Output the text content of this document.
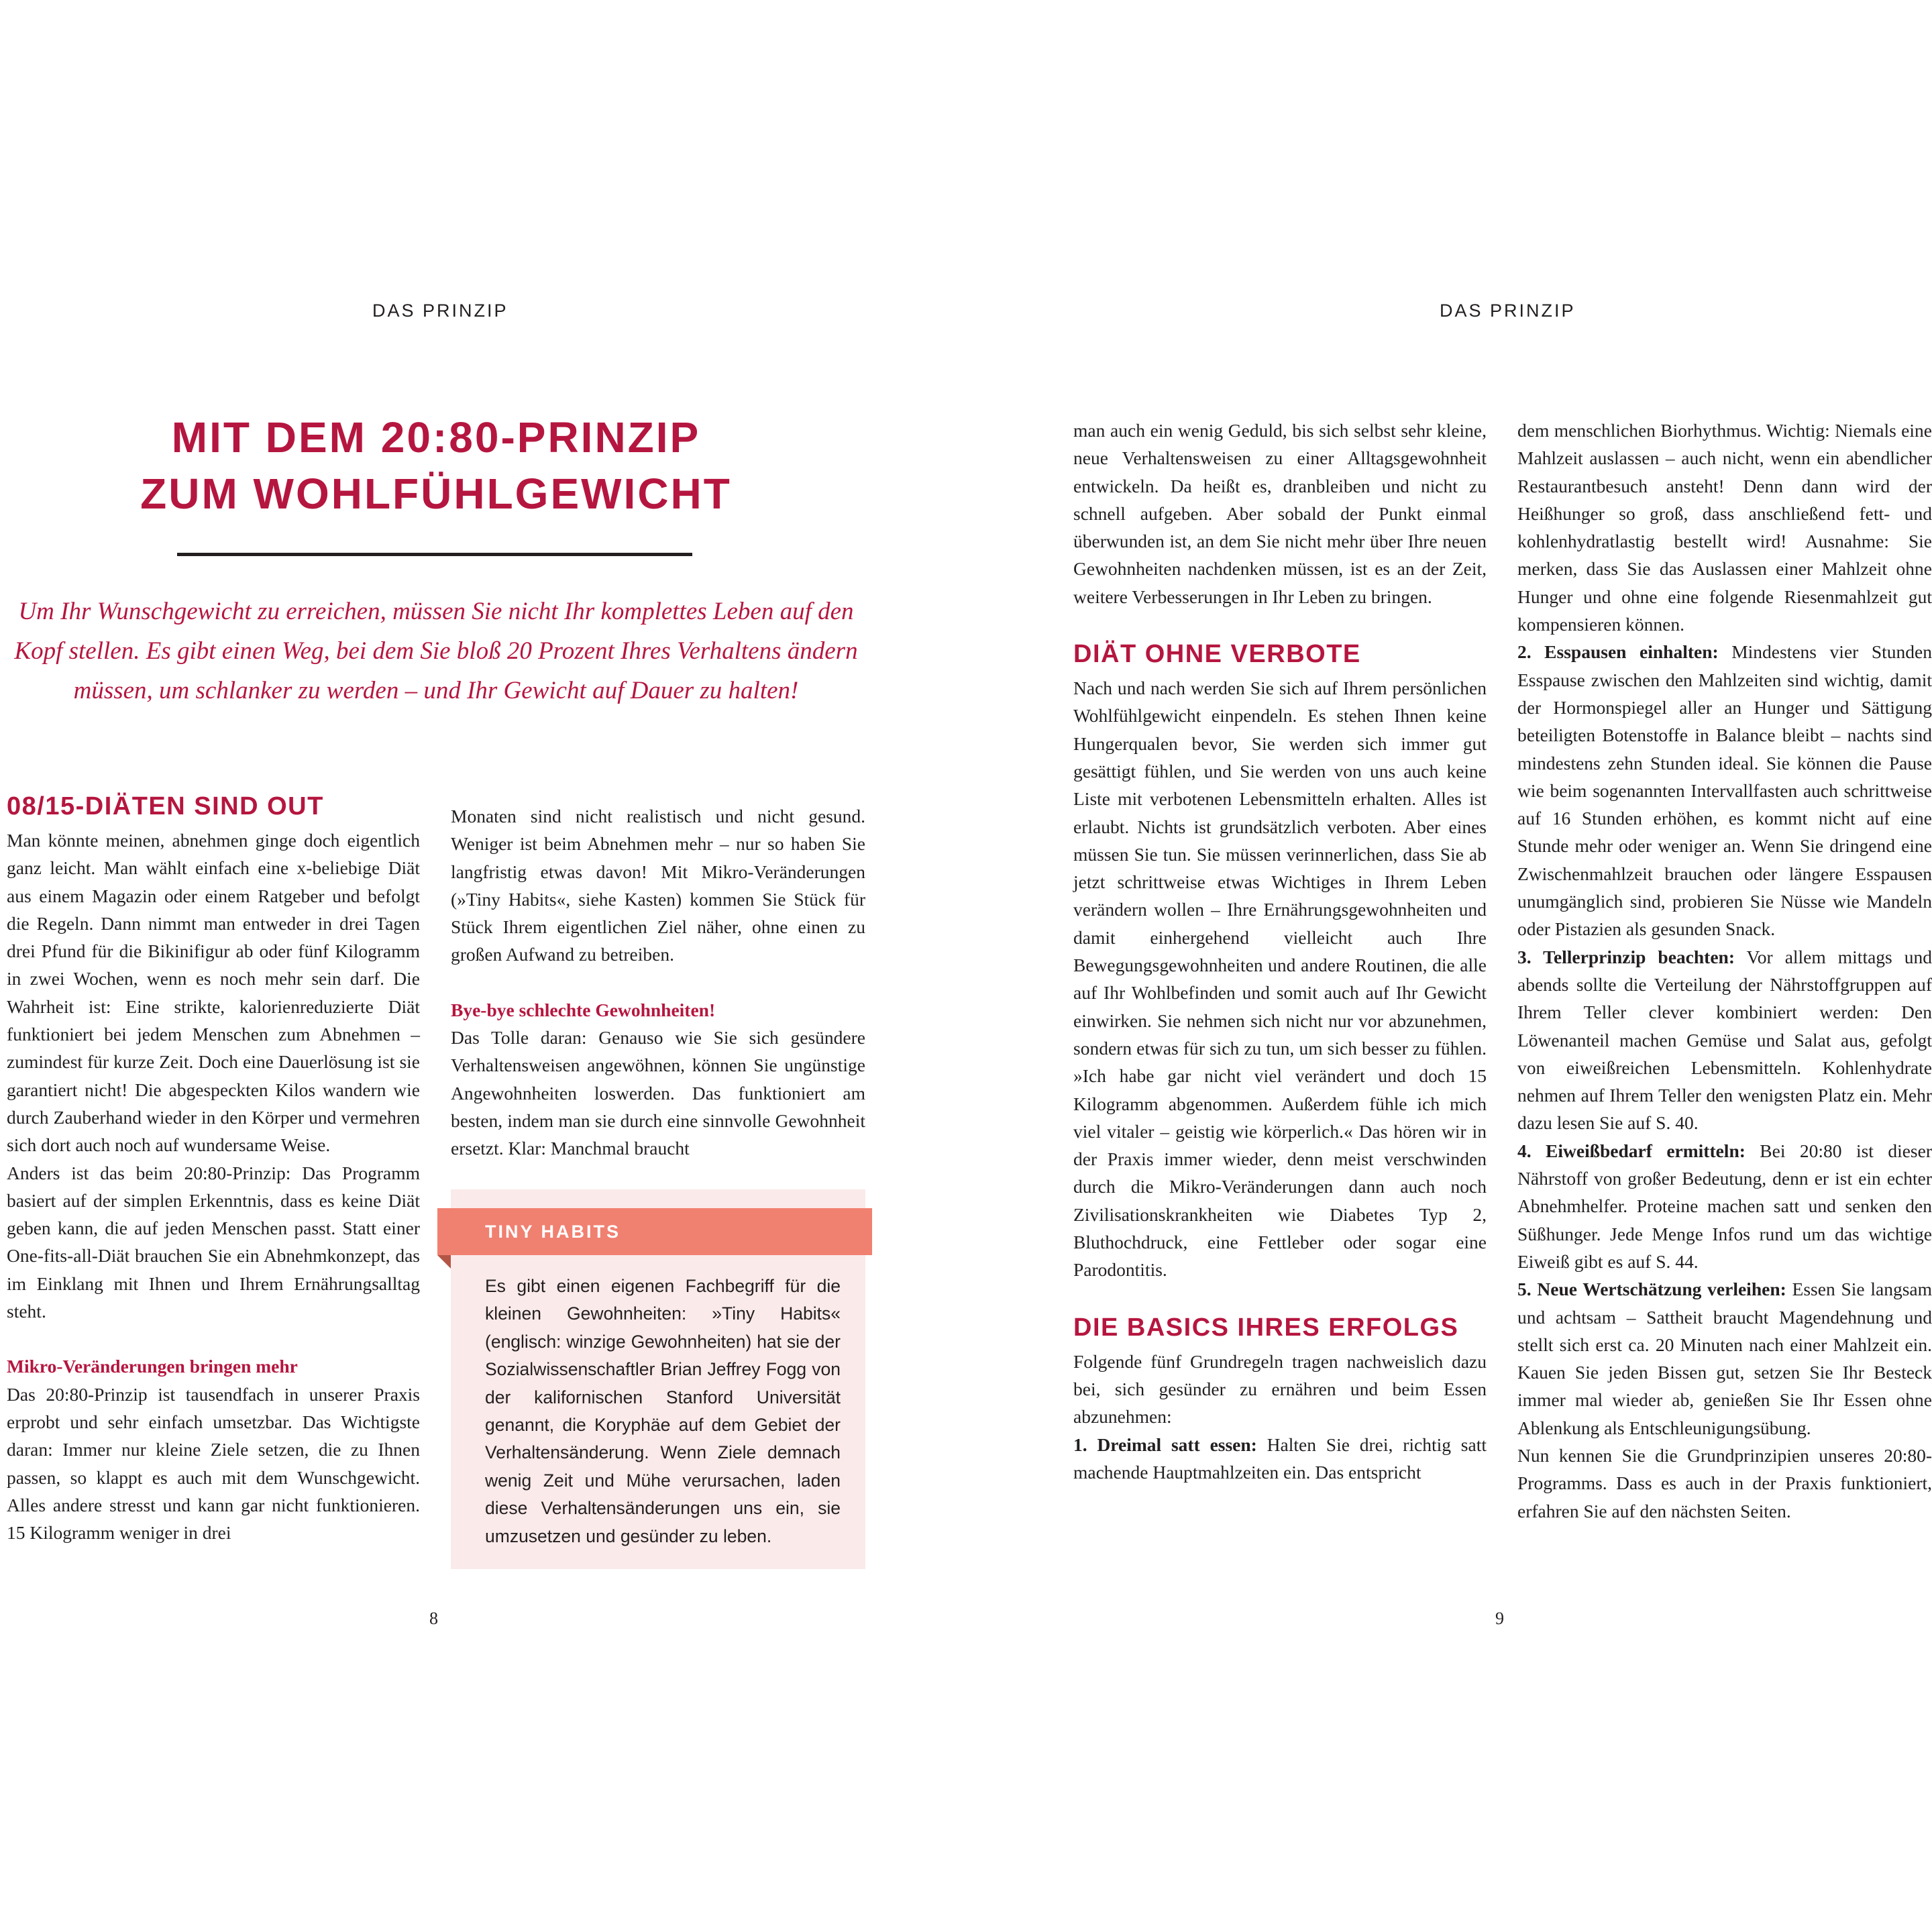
DAS PRINZIP
8
MIT DEM 20:80-PRINZIP
ZUM WOHLFÜHLGEWICHT

Um Ihr Wunschgewicht zu erreichen, müssen Sie nicht Ihr komplettes Leben auf den Kopf stellen. Es gibt einen Weg, bei dem Sie bloß 20 Prozent Ihres Verhaltens ändern müssen, um schlanker zu werden – und Ihr Gewicht auf Dauer zu halten!

08/15-DIÄTEN SIND OUT

Man könnte meinen, abnehmen ginge doch eigentlich ganz leicht. Man wählt einfach eine x-beliebige Diät aus einem Magazin oder einem Ratgeber und befolgt die Regeln. Dann nimmt man entweder in drei Tagen drei Pfund für die Bikinifigur ab oder fünf Kilogramm in zwei Wochen, wenn es noch mehr sein darf. Die Wahrheit ist: Eine strikte, kalorienreduzierte Diät funktioniert bei jedem Menschen zum Abnehmen – zumindest für kurze Zeit. Doch eine Dauerlösung ist sie garantiert nicht! Die abgespeckten Kilos wandern wie durch Zauberhand wieder in den Körper und vermehren sich dort auch noch auf wundersame Weise.

Anders ist das beim 20:80-Prinzip: Das Programm basiert auf der simplen Erkenntnis, dass es keine Diät geben kann, die auf jeden Menschen passt. Statt einer One-fits-all-Diät brauchen Sie ein Abnehmkonzept, das im Einklang mit Ihnen und Ihrem Ernährungsalltag steht.

Mikro-Veränderungen bringen mehr

Das 20:80-Prinzip ist tausendfach in unserer Praxis erprobt und sehr einfach umsetzbar. Das Wichtigste daran: Immer nur kleine Ziele setzen, die zu Ihnen passen, so klappt es auch mit dem Wunschgewicht. Alles andere stresst und kann gar nicht funktionieren. 15 Kilogramm weniger in drei

Monaten sind nicht realistisch und nicht gesund. Weniger ist beim Abnehmen mehr – nur so haben Sie langfristig etwas davon! Mit Mikro-Veränderungen (»Tiny Habits«, siehe Kasten) kommen Sie Stück für Stück Ihrem eigentlichen Ziel näher, ohne einen zu großen Aufwand zu betreiben.

Bye-bye schlechte Gewohnheiten!

Das Tolle daran: Genauso wie Sie sich gesündere Verhaltensweisen angewöhnen, können Sie ungünstige Angewohnheiten loswerden. Das funktioniert am besten, indem man sie durch eine sinnvolle Gewohnheit ersetzt. Klar: Manchmal braucht

TINY HABITS

Es gibt einen eigenen Fachbegriff für die kleinen Gewohnheiten: »Tiny Habits« (englisch: winzige Gewohnheiten) hat sie der Sozialwissenschaftler Brian Jeffrey Fogg von der kalifornischen Stanford Universität genannt, die Koryphäe auf dem Gebiet der Verhaltensänderung. Wenn Ziele demnach wenig Zeit und Mühe verursachen, laden diese Verhaltensänderungen uns ein, sie umzusetzen und gesünder zu leben.

DAS PRINZIP
9

man auch ein wenig Geduld, bis sich selbst sehr kleine, neue Verhaltensweisen zu einer Alltagsgewohnheit entwickeln. Da heißt es, dranbleiben und nicht zu schnell aufgeben. Aber sobald der Punkt einmal überwunden ist, an dem Sie nicht mehr über Ihre neuen Gewohnheiten nachdenken müssen, ist es an der Zeit, weitere Verbesserungen in Ihr Leben zu bringen.

DIÄT OHNE VERBOTE

Nach und nach werden Sie sich auf Ihrem persönlichen Wohlfühlgewicht einpendeln. Es stehen Ihnen keine Hungerqualen bevor, Sie werden sich immer gut gesättigt fühlen, und Sie werden von uns auch keine Liste mit verbotenen Lebensmitteln erhalten. Alles ist erlaubt. Nichts ist grundsätzlich verboten. Aber eines müssen Sie tun. Sie müssen verinnerlichen, dass Sie ab jetzt schrittweise etwas Wichtiges in Ihrem Leben verändern wollen – Ihre Ernährungsgewohnheiten und damit einhergehend vielleicht auch Ihre Bewegungsgewohnheiten und andere Routinen, die alle auf Ihr Wohlbefinden und somit auch auf Ihr Gewicht einwirken. Sie nehmen sich nicht nur vor abzunehmen, sondern etwas für sich zu tun, um sich besser zu fühlen. »Ich habe gar nicht viel verändert und doch 15 Kilogramm abgenommen. Außerdem fühle ich mich viel vitaler – geistig wie körperlich.« Das hören wir in der Praxis immer wieder, denn meist verschwinden durch die Mikro-Veränderungen dann auch noch Zivilisationskrankheiten wie Diabetes Typ 2, Bluthochdruck, eine Fettleber oder sogar eine Parodontitis.

DIE BASICS IHRES ERFOLGS

Folgende fünf Grundregeln tragen nachweislich dazu bei, sich gesünder zu ernähren und beim Essen abzunehmen:

1. Dreimal satt essen: Halten Sie drei, richtig satt machende Hauptmahlzeiten ein. Das entspricht

dem menschlichen Biorhythmus. Wichtig: Niemals eine Mahlzeit auslassen – auch nicht, wenn ein abendlicher Restaurantbesuch ansteht! Denn dann wird der Heißhunger so groß, dass anschließend fett- und kohlenhydratlastig bestellt wird! Ausnahme: Sie merken, dass Sie das Auslassen einer Mahlzeit ohne Hunger und ohne eine folgende Riesenmahlzeit gut kompensieren können.

2. Esspausen einhalten: Mindestens vier Stunden Esspause zwischen den Mahlzeiten sind wichtig, damit der Hormonspiegel aller an Hunger und Sättigung beteiligten Botenstoffe in Balance bleibt – nachts sind mindestens zehn Stunden ideal. Sie können die Pause wie beim sogenannten Intervallfasten auch schrittweise auf 16 Stunden erhöhen, es kommt nicht auf eine Stunde mehr oder weniger an. Wenn Sie dringend eine Zwischenmahlzeit brauchen oder längere Esspausen unumgänglich sind, probieren Sie Nüsse wie Mandeln oder Pistazien als gesunden Snack.

3. Tellerprinzip beachten: Vor allem mittags und abends sollte die Verteilung der Nährstoffgruppen auf Ihrem Teller clever kombiniert werden: Den Löwenanteil machen Gemüse und Salat aus, gefolgt von eiweißreichen Lebensmitteln. Kohlenhydrate nehmen auf Ihrem Teller den wenigsten Platz ein. Mehr dazu lesen Sie auf S. 40.

4. Eiweißbedarf ermitteln: Bei 20:80 ist dieser Nährstoff von großer Bedeutung, denn er ist ein echter Abnehmhelfer. Proteine machen satt und senken den Süßhunger. Jede Menge Infos rund um das wichtige Eiweiß gibt es auf S. 44.

5. Neue Wertschätzung verleihen: Essen Sie langsam und achtsam – Sattheit braucht Magendehnung und stellt sich erst ca. 20 Minuten nach einer Mahlzeit ein. Kauen Sie jeden Bissen gut, setzen Sie Ihr Besteck immer mal wieder ab, genießen Sie Ihr Essen ohne Ablenkung als Entschleunigungsübung.

Nun kennen Sie die Grundprinzipien unseres 20:80-Programms. Dass es auch in der Praxis funktioniert, erfahren Sie auf den nächsten Seiten.
